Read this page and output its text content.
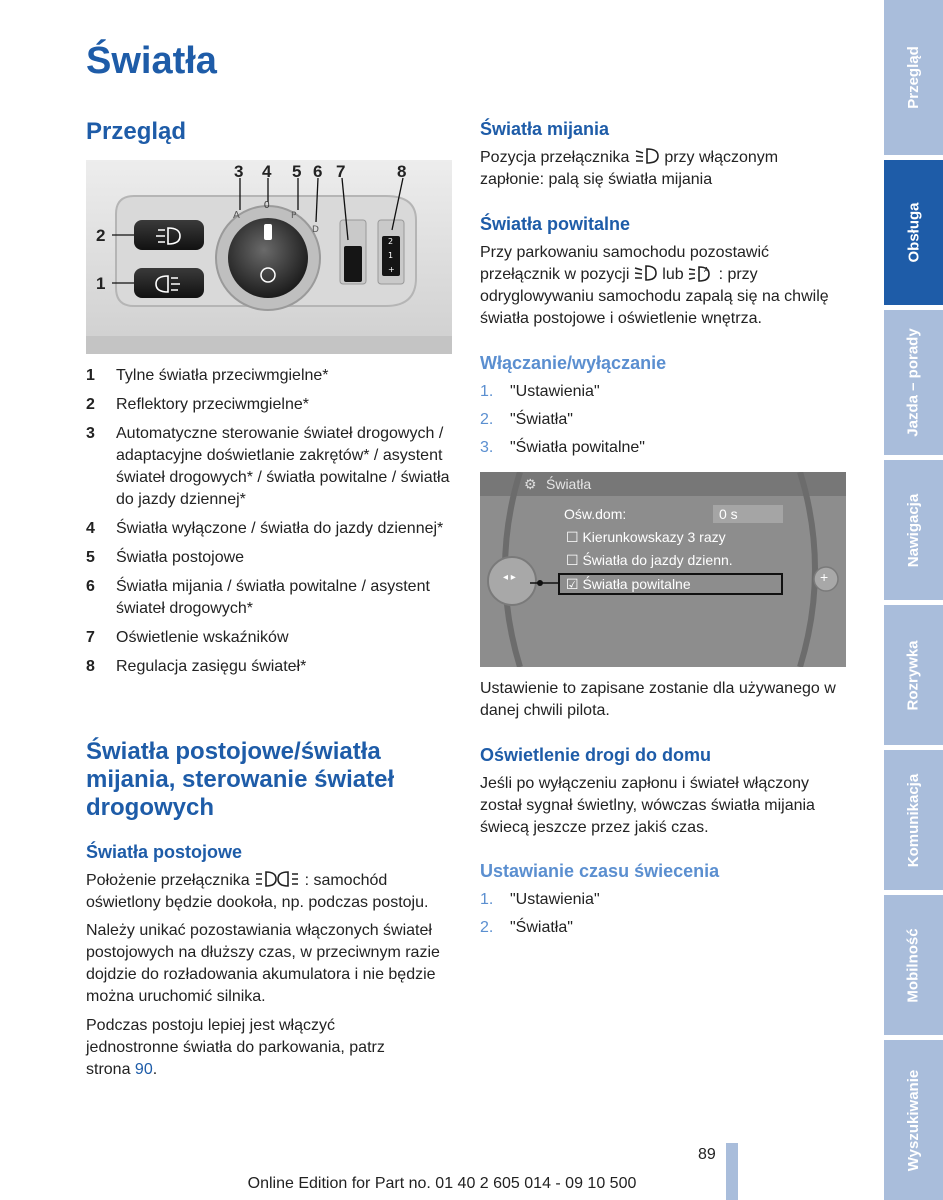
Światła
Przegląd
A	P
D
2
1
+
2
1
3 4 5 6 7	8
0
1	Tylne światła przeciwmgielne*
2	Reflektory przeciwmgielne*
3	Automatyczne sterowanie świateł drogowych / adaptacyjne doświetlanie zakrętów* / asystent świateł drogowych* / światła powitalne / światła do jazdy dziennej*
4	Światła wyłączone / światła do jazdy dziennej*
5	Światła postojowe
6	Światła mijania / światła powitalne / asystent świateł drogowych*
7	Oświetlenie wskaźników
8	Regulacja zasięgu świateł*
Światła postojowe/światła mijania, sterowanie świateł drogowych
Światła postojowe
Położenie przełącznika	: samochód oświetlony będzie dookoła, np. podczas postoju.
Należy unikać pozostawiania włączonych świateł postojowych na dłuższy czas, w przeciwnym razie dojdzie do rozładowania akumulatora i nie będzie można uruchomić silnika.
Podczas postoju lepiej jest włączyć jednostronne światła do parkowania, patrz strona 90.
Światła mijania
Pozycja przełącznika przy włączonym zapłonie: palą się światła mijania
Światła powitalne
Przy parkowaniu samochodu pozostawić przełącznik w pozycji lub	A : przy odryglowywaniu samochodu zapalą się na chwilę światła postojowe i oświetlenie wnętrza.
Włączanie/wyłączanie
1.	"Ustawienia"
2.	"Światła"
3.	"Światła powitalne"
⚙ Światła
◂ ▸	+
Ośw.dom:	0 s
☐ Kierunkowskazy 3 razy
☐ Światła do jazdy dzienn.
☑ Światła powitalne
Ustawienie to zapisane zostanie dla używanego w danej chwili pilota.
Oświetlenie drogi do domu
Jeśli po wyłączeniu zapłonu i świateł włączony został sygnał świetlny, wówczas światła mijania świecą jeszcze przez jakiś czas.
Ustawianie czasu świecenia
1.	"Ustawienia"
2.	"Światła"
Przegląd
Obsługa
Jazda – porady
Nawigacja
Rozrywka
Komunikacja
Mobilność
Wyszukiwanie
89
Online Edition for Part no. 01 40 2 605 014 - 09 10 500
